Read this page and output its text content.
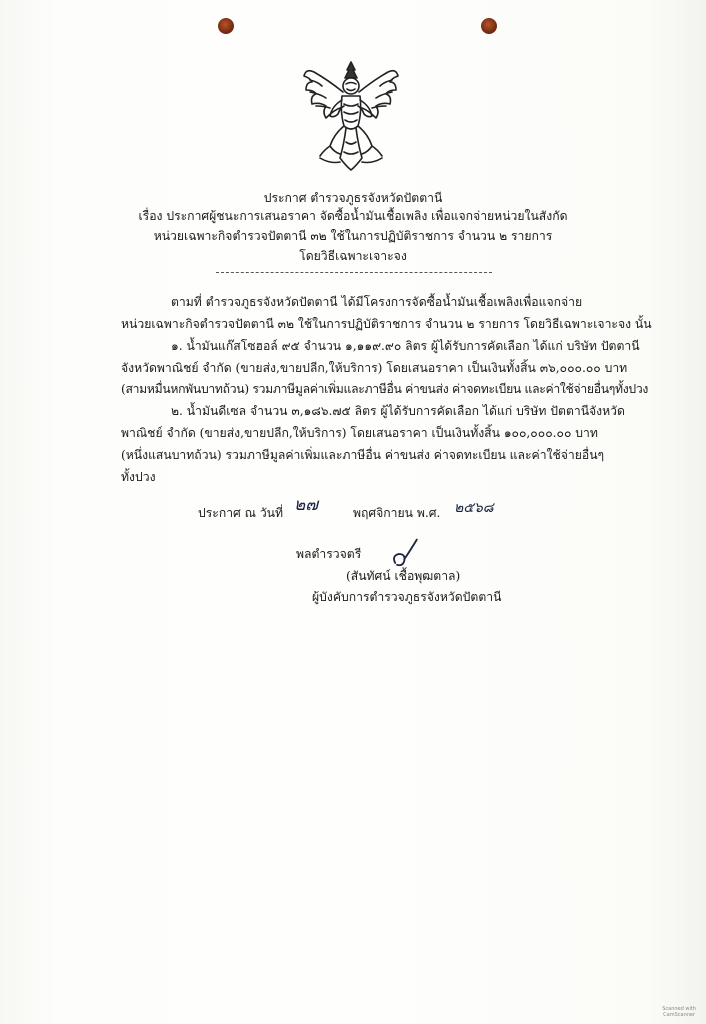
ประกาศ ตำรวจภูธรจังหวัดปัตตานี
เรื่อง ประกาศผู้ชนะการเสนอราคา จัดซื้อน้ำมันเชื้อเพลิง เพื่อแจกจ่ายหน่วยในสังกัด
หน่วยเฉพาะกิจตำรวจปัตตานี ๓๒ ใช้ในการปฏิบัติราชการ จำนวน ๒ รายการ
โดยวิธีเฉพาะเจาะจง
ตามที่ ตำรวจภูธรจังหวัดปัตตานี ได้มีโครงการจัดซื้อน้ำมันเชื้อเพลิงเพื่อแจกจ่าย
หน่วยเฉพาะกิจตำรวจปัตตานี ๓๒ ใช้ในการปฏิบัติราชการ จำนวน ๒ รายการ โดยวิธีเฉพาะเจาะจง นั้น
๑. น้ำมันแก๊สโซฮอล์ ๙๕ จำนวน ๑,๑๑๙.๙๐ ลิตร ผู้ได้รับการคัดเลือก ได้แก่ บริษัท ปัตตานี
จังหวัดพาณิชย์ จำกัด (ขายส่ง,ขายปลีก,ให้บริการ) โดยเสนอราคา เป็นเงินทั้งสิ้น ๓๖,๐๐๐.๐๐ บาท
(สามหมื่นหกพันบาทถ้วน) รวมภาษีมูลค่าเพิ่มและภาษีอื่น ค่าขนส่ง ค่าจดทะเบียน และค่าใช้จ่ายอื่นๆทั้งปวง
๒. น้ำมันดีเซล จำนวน ๓,๑๘๖.๗๕ ลิตร ผู้ได้รับการคัดเลือก ได้แก่ บริษัท ปัตตานีจังหวัด
พาณิชย์ จำกัด (ขายส่ง,ขายปลีก,ให้บริการ) โดยเสนอราคา เป็นเงินทั้งสิ้น ๑๐๐,๐๐๐.๐๐ บาท
(หนึ่งแสนบาทถ้วน) รวมภาษีมูลค่าเพิ่มและภาษีอื่น ค่าขนส่ง ค่าจดทะเบียน และค่าใช้จ่ายอื่นๆ
ทั้งปวง
ประกาศ ณ วันที่ ๒๗	พฤศจิกายน พ.ศ. ๒๕๖๘
พลตำรวจตรี
(สันทัศน์ เชื้อพุฒตาล)
ผู้บังคับการตำรวจภูธรจังหวัดปัตตานี
Scanned with
CamScanner
